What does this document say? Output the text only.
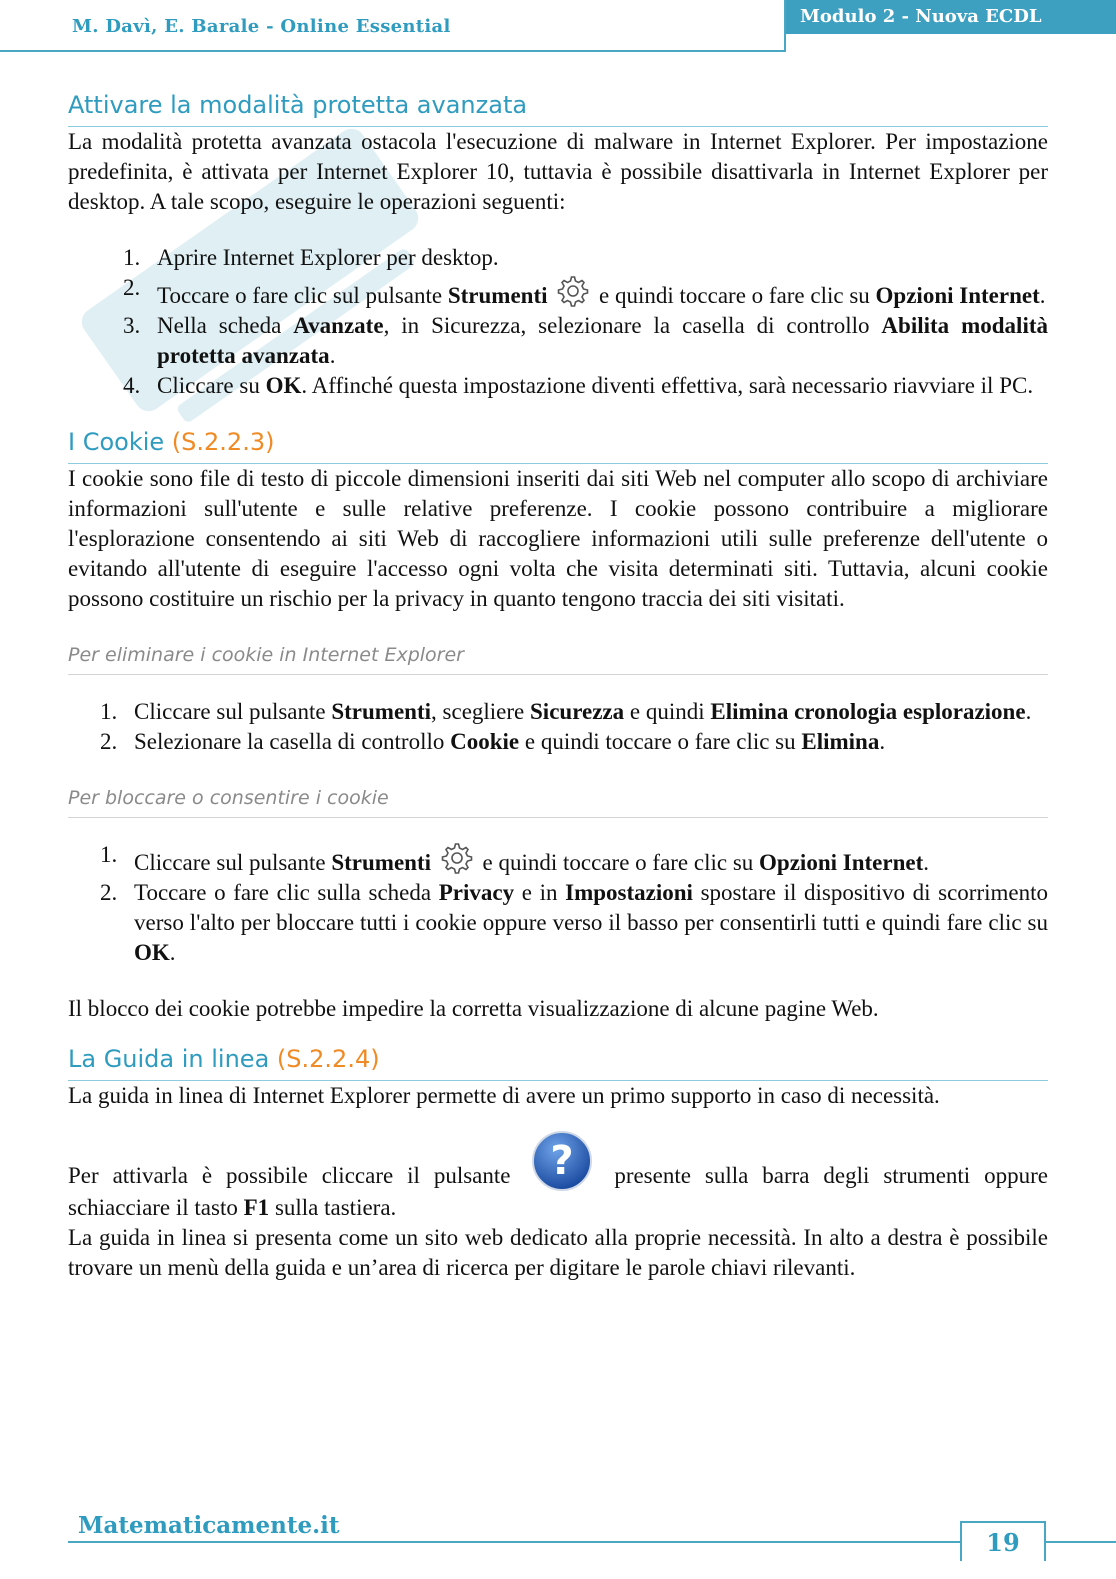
M. Davì, E. Barale - Online Essential	Modulo 2 - Nuova ECDL
Attivare la modalità protetta avanzata

La modalità protetta avanzata ostacola l'esecuzione di malware in Internet Explorer. Per impostazione predefinita, è attivata per Internet Explorer 10, tuttavia è possibile disattivarla in Internet Explorer per desktop. A tale scopo, eseguire le operazioni seguenti:

1. Aprire Internet Explorer per desktop.
2. Toccare o fare clic sul pulsante Strumenti  e quindi toccare o fare clic su Opzioni Internet.
3. Nella scheda Avanzate, in Sicurezza, selezionare la casella di controllo Abilita modalità protetta avanzata.
4. Cliccare su OK. Affinché questa impostazione diventi effettiva, sarà necessario riavviare il PC.
I Cookie (S.2.2.3)

I cookie sono file di testo di piccole dimensioni inseriti dai siti Web nel computer allo scopo di archiviare informazioni sull'utente e sulle relative preferenze. I cookie possono contribuire a migliorare l'esplorazione consentendo ai siti Web di raccogliere informazioni utili sulle preferenze dell'utente o evitando all'utente di eseguire l'accesso ogni volta che visita determinati siti. Tuttavia, alcuni cookie possono costituire un rischio per la privacy in quanto tengono traccia dei siti visitati.

Per eliminare i cookie in Internet Explorer
1. Cliccare sul pulsante Strumenti, scegliere Sicurezza e quindi Elimina cronologia esplorazione.
2. Selezionare la casella di controllo Cookie e quindi toccare o fare clic su Elimina.
Per bloccare o consentire i cookie
1. Cliccare sul pulsante Strumenti  e quindi toccare o fare clic su Opzioni Internet.
2. Toccare o fare clic sulla scheda Privacy e in Impostazioni spostare il dispositivo di scorrimento verso l'alto per bloccare tutti i cookie oppure verso il basso per consentirli tutti e quindi fare clic su OK.

Il blocco dei cookie potrebbe impedire la corretta visualizzazione di alcune pagine Web.

La Guida in linea (S.2.2.4)

La guida in linea di Internet Explorer permette di avere un primo supporto in caso di necessità.

Per attivarla è possibile cliccare il pulsante ? presente sulla barra degli strumenti oppure schiacciare il tasto F1 sulla tastiera.

La guida in linea si presenta come un sito web dedicato alla proprie necessità. In alto a destra è possibile trovare un menù della guida e un’area di ricerca per digitare le parole chiavi rilevanti.

Matematicamente.it
19
